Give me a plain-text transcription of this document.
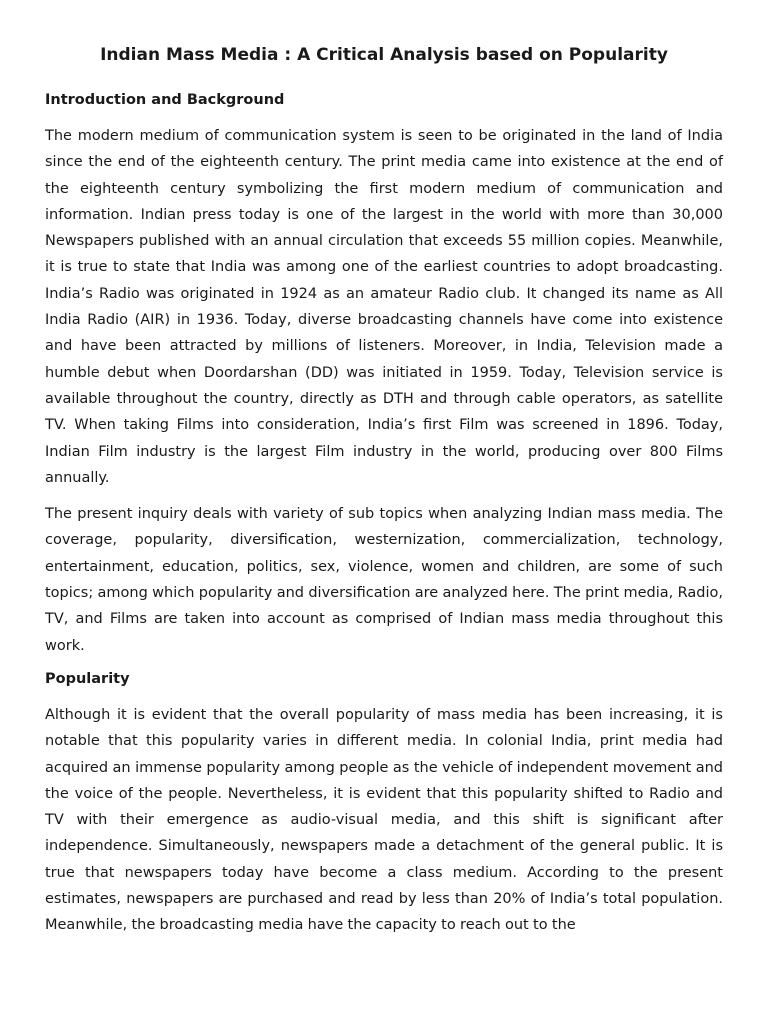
Indian Mass Media : A Critical Analysis based on Popularity
Introduction and Background

The modern medium of communication system is seen to be originated in the land of India since the end of the eighteenth century. The print media came into existence at the end of the eighteenth century symbolizing the first modern medium of communication and information. Indian press today is one of the largest in the world with more than 30,000 Newspapers published with an annual circulation that exceeds 55 million copies. Meanwhile, it is true to state that India was among one of the earliest countries to adopt broadcasting. India’s Radio was originated in 1924 as an amateur Radio club. It changed its name as All India Radio (AIR) in 1936. Today, diverse broadcasting channels have come into existence and have been attracted by millions of listeners. Moreover, in India, Television made a humble debut when Doordarshan (DD) was initiated in 1959. Today, Television service is available throughout the country, directly as DTH and through cable operators, as satellite TV. When taking Films into consideration, India’s first Film was screened in 1896. Today, Indian Film industry is the largest Film industry in the world, producing over 800 Films annually.

The present inquiry deals with variety of sub topics when analyzing Indian mass media. The coverage, popularity, diversification, westernization, commercialization, technology, entertainment, education, politics, sex, violence, women and children, are some of such topics; among which popularity and diversification are analyzed here. The print media, Radio, TV, and Films are taken into account as comprised of Indian mass media throughout this work.

Popularity

Although it is evident that the overall popularity of mass media has been increasing, it is notable that this popularity varies in different media. In colonial India, print media had acquired an immense popularity among people as the vehicle of independent movement and the voice of the people. Nevertheless, it is evident that this popularity shifted to Radio and TV with their emergence as audio-visual media, and this shift is significant after independence. Simultaneously, newspapers made a detachment of the general public. It is true that newspapers today have become a class medium. According to the present estimates, newspapers are purchased and read by less than 20% of India’s total population. Meanwhile, the broadcasting media have the capacity to reach out to the
